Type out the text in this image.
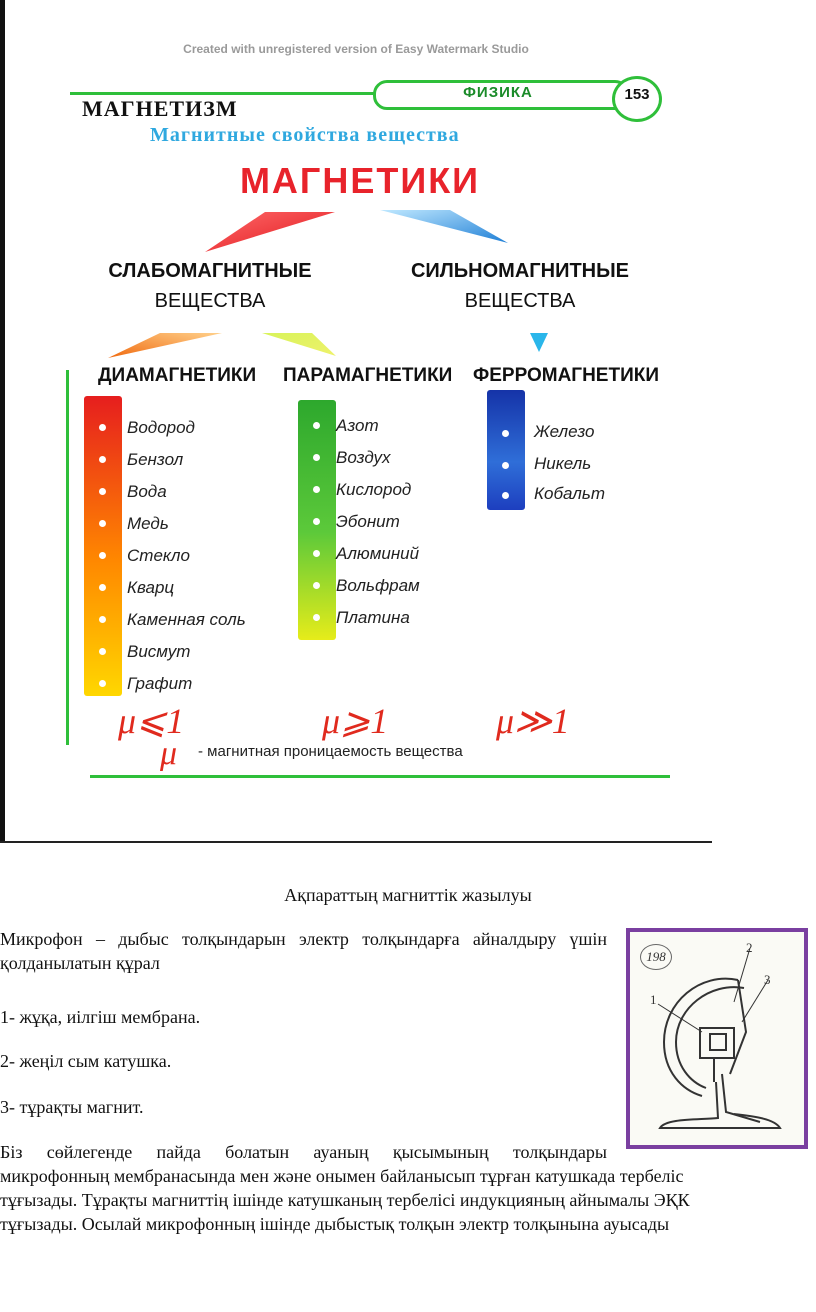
Created with unregistered version of Easy Watermark Studio
ФИЗИКА	153
МАГНЕТИЗМ
Магнитные свойства вещества
МАГНЕТИКИ
СЛАБОМАГНИТНЫЕ
ВЕЩЕСТВА
СИЛЬНОМАГНИТНЫЕ
ВЕЩЕСТВА
ДИАМАГНЕТИКИ ПАРАМАГНЕТИКИ ФЕРРОМАГНЕТИКИ
Водород
Бензол
Вода
Медь
Стекло
Кварц
Каменная соль
Висмут
Графит
Азот
Воздух
Кислород
Эбонит
Алюминий
Вольфрам
Платина
Железо
Никель
Кобальт
μ⩽1	μ⩾1	μ≫1
μ - магнитная проницаемость вещества
Ақпараттың магниттік жазылуы
Микрофон – дыбыс толқындарын электр толқындарға айналдыру үшін қолданылатын құрал
1- жұқа, иілгіш мембрана.
2- жеңіл сым катушка.
3- тұрақты магнит.
Біз сөйлегенде пайда болатын ауаның қысымының толқындары
микрофонның мембранасында мен және онымен байланысып тұрған катушкада тербеліс
тұғызады. Тұрақты магниттің ішінде катушканың тербелісі индукцияның айнымалы ЭҚК
тұғызады. Осылай микрофонның ішінде дыбыстық толқын электр толқынына ауысады
198
2
3
1
